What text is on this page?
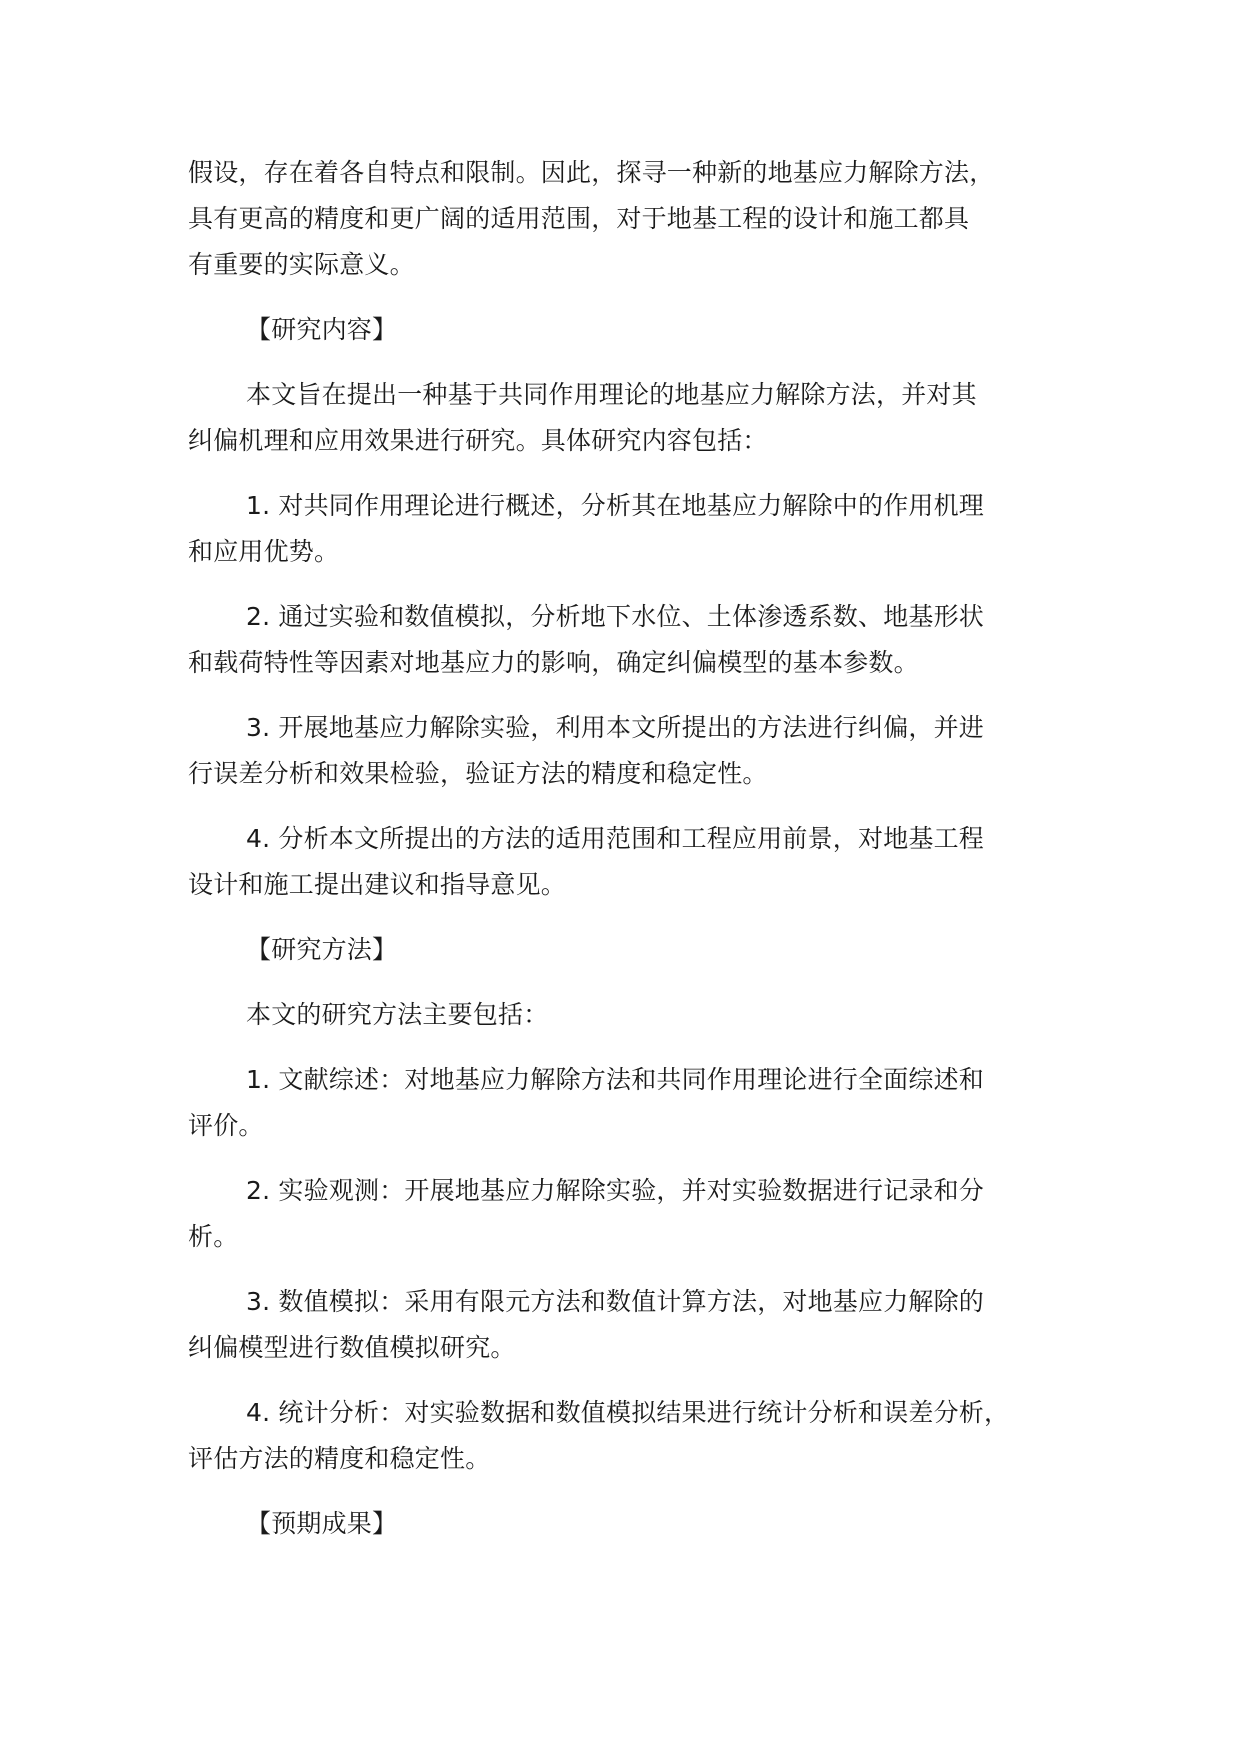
假设，存在着各自特点和限制。因此，探寻一种新的地基应力解除方法，
具有更高的精度和更广阔的适用范围，对于地基工程的设计和施工都具
有重要的实际意义。

【研究内容】

本文旨在提出一种基于共同作用理论的地基应力解除方法，并对其
纠偏机理和应用效果进行研究。具体研究内容包括：

1. 对共同作用理论进行概述，分析其在地基应力解除中的作用机理
和应用优势。

2. 通过实验和数值模拟，分析地下水位、土体渗透系数、地基形状
和载荷特性等因素对地基应力的影响，确定纠偏模型的基本参数。

3. 开展地基应力解除实验，利用本文所提出的方法进行纠偏，并进
行误差分析和效果检验，验证方法的精度和稳定性。

4. 分析本文所提出的方法的适用范围和工程应用前景，对地基工程
设计和施工提出建议和指导意见。

【研究方法】

本文的研究方法主要包括：

1. 文献综述：对地基应力解除方法和共同作用理论进行全面综述和
评价。

2. 实验观测：开展地基应力解除实验，并对实验数据进行记录和分
析。

3. 数值模拟：采用有限元方法和数值计算方法，对地基应力解除的
纠偏模型进行数值模拟研究。

4. 统计分析：对实验数据和数值模拟结果进行统计分析和误差分析，
评估方法的精度和稳定性。

【预期成果】
